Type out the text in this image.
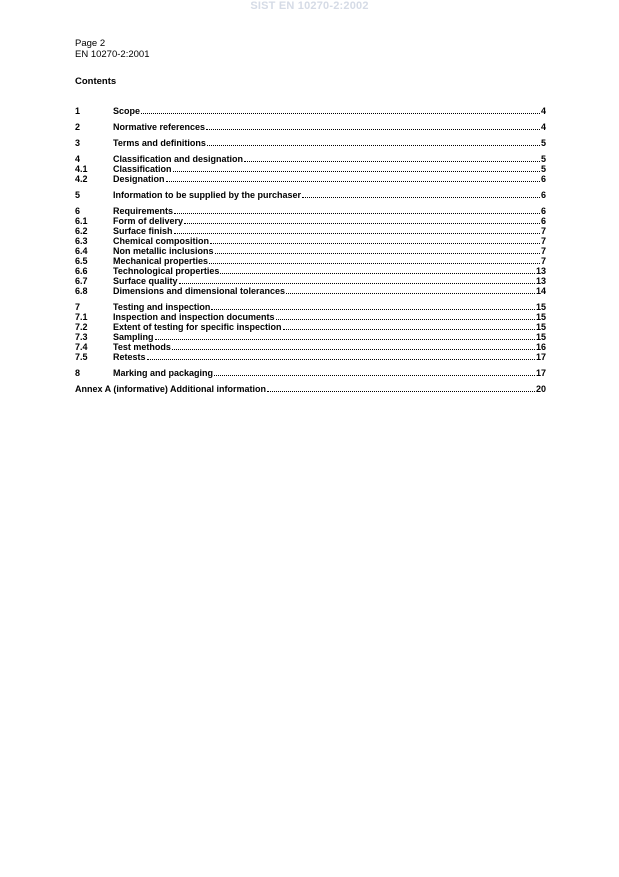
SIST EN 10270-2:2002
Page 2
EN 10270-2:2001
Contents
1	Scope	4
2	Normative references	4
3	Terms and definitions	5
4	Classification and designation	5
4.1	Classification	5
4.2	Designation	6
5	Information to be supplied by the purchaser	6
6	Requirements	6
6.1	Form of delivery	6
6.2	Surface finish	7
6.3	Chemical composition	7
6.4	Non metallic inclusions	7
6.5	Mechanical properties	7
6.6	Technological properties	13
6.7	Surface quality	13
6.8	Dimensions and dimensional tolerances	14
7	Testing and inspection	15
7.1	Inspection and inspection documents	15
7.2	Extent of testing for specific inspection	15
7.3	Sampling	15
7.4	Test methods	16
7.5	Retests	17
8	Marking and packaging	17
Annex A (informative) Additional information	20
